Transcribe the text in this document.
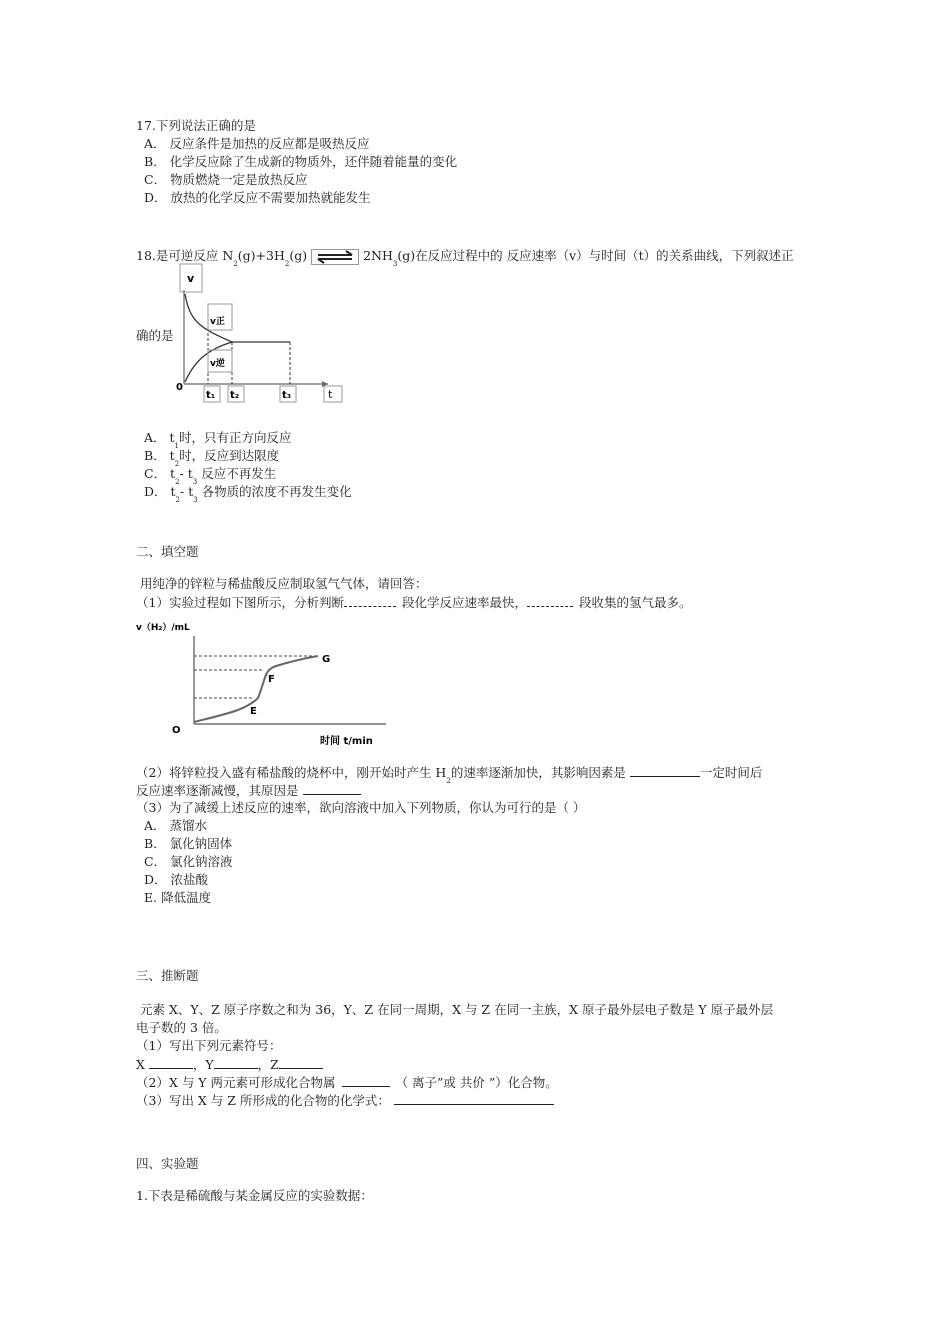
17.下列说法正确的是
A． 反应条件是加热的反应都是吸热反应
B． 化学反应除了生成新的物质外，还伴随着能量的变化
C． 物质燃烧一定是放热反应
D． 放热的化学反应不需要加热就能发生
18.是可逆反应 $N_2(g)+3H_2(g)$	$2NH_3(g)$在反应过程中的 反应速率（v）与时间（t）的关系曲线，下列叙述正
确的是
v
0
v正
v逆
t₁ t₂	t₃	t
A． $t_1$时，只有正方向反应
B． $t_2$时，反应到达限度
C． $t_2-$ $t_3$ 反应不再发生
D． $t_2-$ $t_3$ 各物质的浓度不再发生变化
二、填空题
用纯净的锌粒与稀盐酸反应制取氢气气体，请回答：
（1）实验过程如下图所示，分析判断	段化学反应速率最快，	段收集的氢气最多。
v（H₂）/mL
O
E
F
G
时间 t/min
（2）将锌粒投入盛有稀盐酸的烧杯中，刚开始时产生 $H_2$的速率逐渐加快，其影响因素是	一定时间后
反应速率逐渐减慢，其原因是
（3）为了减缓上述反应的速率，欲向溶液中加入下列物质，你认为可行的是（ ）
A． 蒸馏水
B． 氯化钠固体
C． 氯化钠溶液
D． 浓盐酸
E. 降低温度
三、推断题
元素 X、Y、Z 原子序数之和为 36，Y、Z 在同一周期，X 与 Z 在同一主族，X 原子最外层电子数是 Y 原子最外层
电子数的 3 倍。
（1）写出下列元素符号：
X	，Y	，Z
（2）X 与 Y 两元素可形成化合物属	（ 离子”或 共价 ”）化合物。
（3）写出 X 与 Z 所形成的化合物的化学式：
四、实验题
1.下表是稀硫酸与某金属反应的实验数据：
